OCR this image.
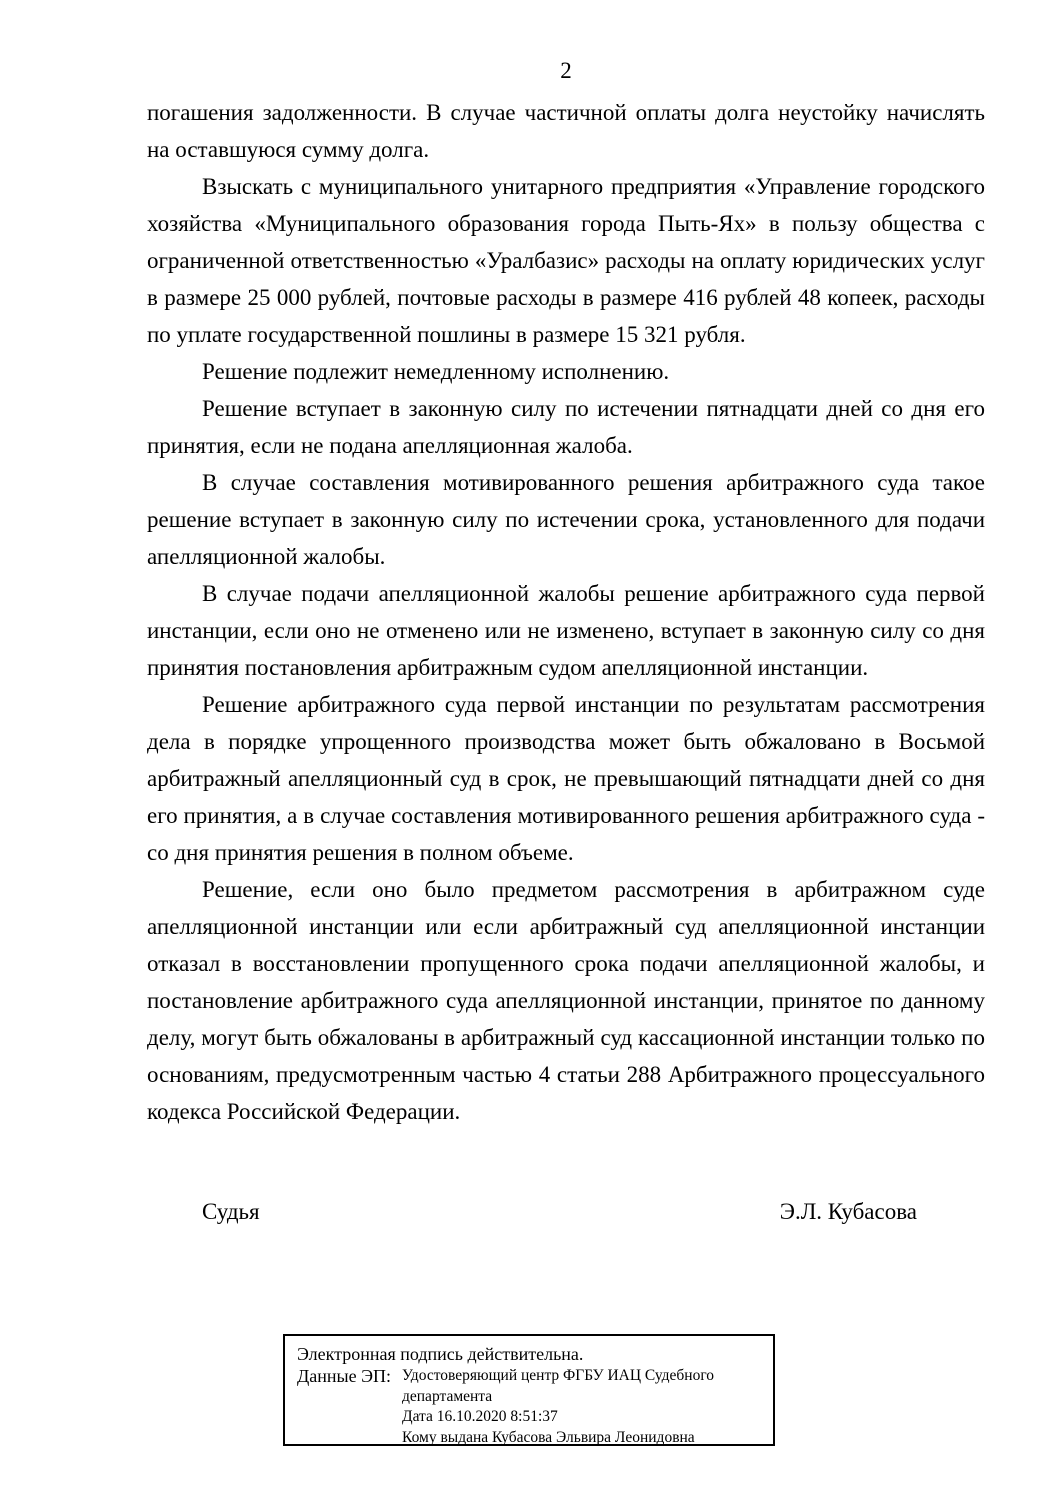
2

погашения задолженности. В случае частичной оплаты долга неустойку начислять на оставшуюся сумму долга.

Взыскать с муниципального унитарного предприятия «Управление городского хозяйства «Муниципального образования города Пыть-Ях» в пользу общества с ограниченной ответственностью «Уралбазис» расходы на оплату юридических услуг в размере 25 000 рублей, почтовые расходы в размере 416 рублей 48 копеек, расходы по уплате государственной пошлины в размере 15 321 рубля.

Решение подлежит немедленному исполнению.

Решение вступает в законную силу по истечении пятнадцати дней со дня его принятия, если не подана апелляционная жалоба.

В случае составления мотивированного решения арбитражного суда такое решение вступает в законную силу по истечении срока, установленного для подачи апелляционной жалобы.

В случае подачи апелляционной жалобы решение арбитражного суда первой инстанции, если оно не отменено или не изменено, вступает в законную силу со дня принятия постановления арбитражным судом апелляционной инстанции.

Решение арбитражного суда первой инстанции по результатам рассмотрения дела в порядке упрощенного производства может быть обжаловано в Восьмой арбитражный апелляционный суд в срок, не превышающий пятнадцати дней со дня его принятия, а в случае составления мотивированного решения арбитражного суда - со дня принятия решения в полном объеме.

Решение, если оно было предметом рассмотрения в арбитражном суде апелляционной инстанции или если арбитражный суд апелляционной инстанции отказал в восстановлении пропущенного срока подачи апелляционной жалобы, и постановление арбитражного суда апелляционной инстанции, принятое по данному делу, могут быть обжалованы в арбитражный суд кассационной инстанции только по основаниям, предусмотренным частью 4 статьи 288 Арбитражного процессуального кодекса Российской Федерации.

Судья	Э.Л. Кубасова
Электронная подпись действительна.
Данные ЭП: Удостоверяющий центр ФГБУ ИАЦ Судебного департамента
Дата 16.10.2020 8:51:37
Кому выдана Кубасова Эльвира Леонидовна
